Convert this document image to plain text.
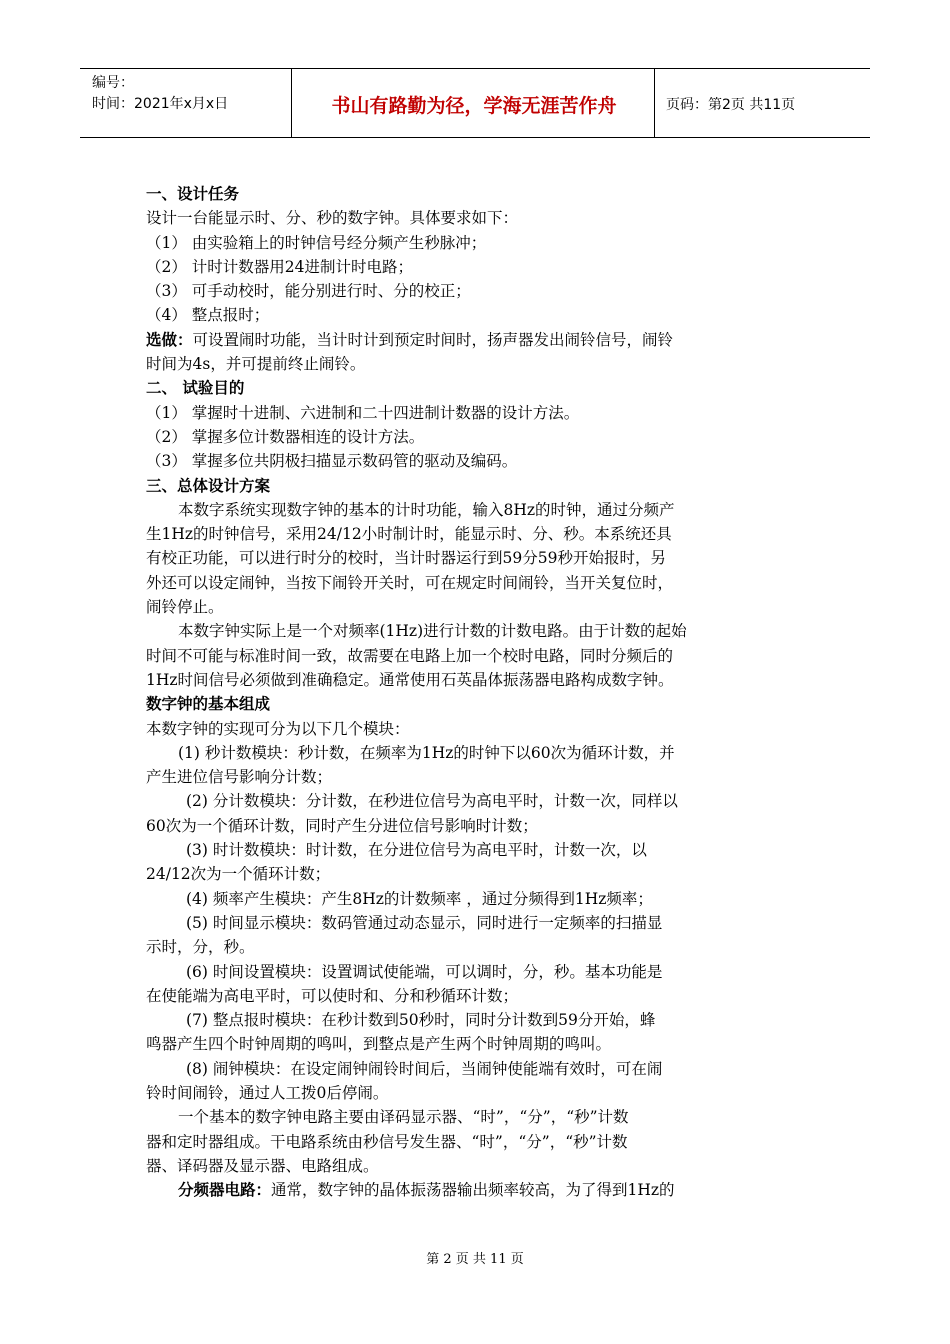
编号：
时间：2021年x月x日	书山有路勤为径，学海无涯苦作舟	页码：第2页 共11页
一、设计任务
设计一台能显示时、分、秒的数字钟。具体要求如下：
（1） 由实验箱上的时钟信号经分频产生秒脉冲；
（2） 计时计数器用24进制计时电路；
（3） 可手动校时，能分别进行时、分的校正；
（4） 整点报时；
选做：可设置闹时功能，当计时计到预定时间时，扬声器发出闹铃信号，闹铃
时间为4s，并可提前终止闹铃。
二、 试验目的
（1） 掌握时十进制、六进制和二十四进制计数器的设计方法。
（2） 掌握多位计数器相连的设计方法。
（3） 掌握多位共阴极扫描显示数码管的驱动及编码。
三、总体设计方案
本数字系统实现数字钟的基本的计时功能，输入8Hz的时钟，通过分频产
生1Hz的时钟信号，采用24/12小时制计时，能显示时、分、秒。本系统还具
有校正功能，可以进行时分的校时，当计时器运行到59分59秒开始报时，另
外还可以设定闹钟，当按下闹铃开关时，可在规定时间闹铃，当开关复位时，
闹铃停止。
本数字钟实际上是一个对频率(1Hz)进行计数的计数电路。由于计数的起始
时间不可能与标准时间一致，故需要在电路上加一个校时电路，同时分频后的
1Hz时间信号必须做到准确稳定。通常使用石英晶体振荡器电路构成数字钟。
数字钟的基本组成
本数字钟的实现可分为以下几个模块：
(1) 秒计数模块：秒计数，在频率为1Hz的时钟下以60次为循环计数，并
产生进位信号影响分计数；
(2) 分计数模块：分计数，在秒进位信号为高电平时，计数一次，同样以
60次为一个循环计数，同时产生分进位信号影响时计数；
(3) 时计数模块：时计数，在分进位信号为高电平时，计数一次，以
24/12次为一个循环计数；
(4) 频率产生模块：产生8Hz的计数频率 ，通过分频得到1Hz频率；
(5) 时间显示模块：数码管通过动态显示，同时进行一定频率的扫描显
示时，分，秒。
(6) 时间设置模块：设置调试使能端，可以调时，分，秒。基本功能是
在使能端为高电平时，可以使时和、分和秒循环计数；
(7) 整点报时模块：在秒计数到50秒时，同时分计数到59分开始，蜂
鸣器产生四个时钟周期的鸣叫，到整点是产生两个时钟周期的鸣叫。
(8) 闹钟模块：在设定闹钟闹铃时间后，当闹钟使能端有效时，可在闹
铃时间闹铃，通过人工拨0后停闹。
一个基本的数字钟电路主要由译码显示器、“时”，“分”，“秒”计数
器和定时器组成。干电路系统由秒信号发生器、“时”，“分”，“秒”计数
器、译码器及显示器、电路组成。
分频器电路：通常，数字钟的晶体振荡器输出频率较高，为了得到1Hz的
第 2 页 共 11 页
